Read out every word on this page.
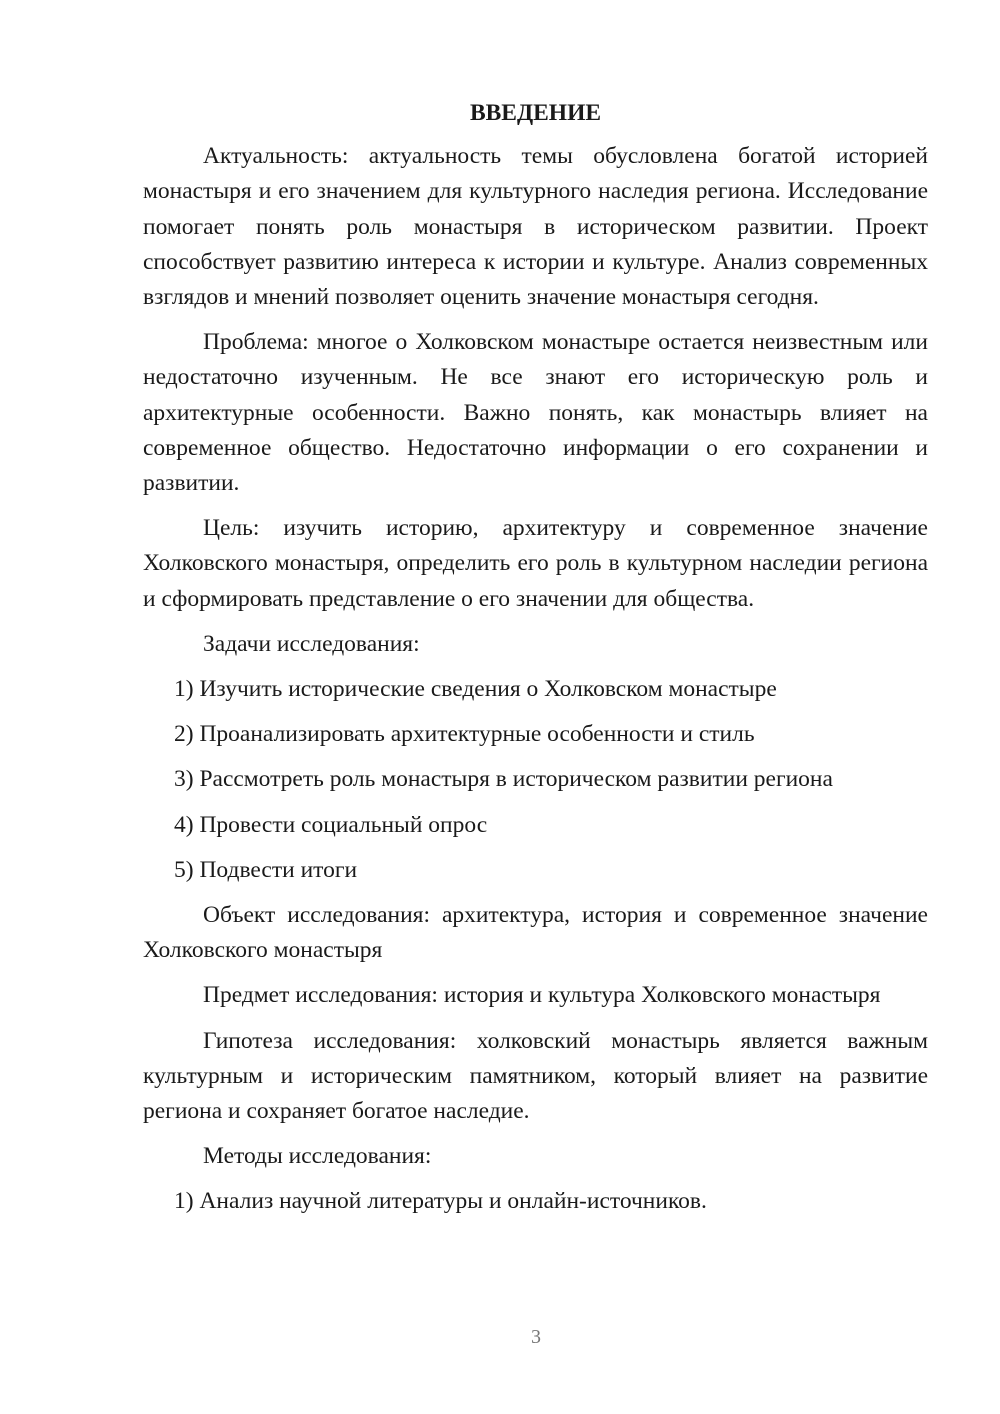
ВВЕДЕНИЕ

Актуальность: актуальность темы обусловлена богатой историей монастыря и его значением для культурного наследия региона. Исследование помогает понять роль монастыря в историческом развитии. Проект способствует развитию интереса к истории и культуре. Анализ современных взглядов и мнений позволяет оценить значение монастыря сегодня.

Проблема: многое о Холковском монастыре остается неизвестным или недостаточно изученным. Не все знают его историческую роль и архитектурные особенности. Важно понять, как монастырь влияет на современное общество. Недостаточно информации о его сохранении и развитии.

Цель: изучить историю, архитектуру и современное значение Холковского монастыря, определить его роль в культурном наследии региона и сформировать представление о его значении для общества.

Задачи исследования:

1) Изучить исторические сведения о Холковском монастыре
2) Проанализировать архитектурные особенности и стиль
3) Рассмотреть роль монастыря в историческом развитии региона
4) Провести социальный опрос
5) Подвести итоги

Объект исследования: архитектура, история и современное значение Холковского монастыря

Предмет исследования: история и культура Холковского монастыря

Гипотеза исследования: холковский монастырь является важным культурным и историческим памятником, который влияет на развитие региона и сохраняет богатое наследие.

Методы исследования:

1) Анализ научной литературы и онлайн-источников.
3
